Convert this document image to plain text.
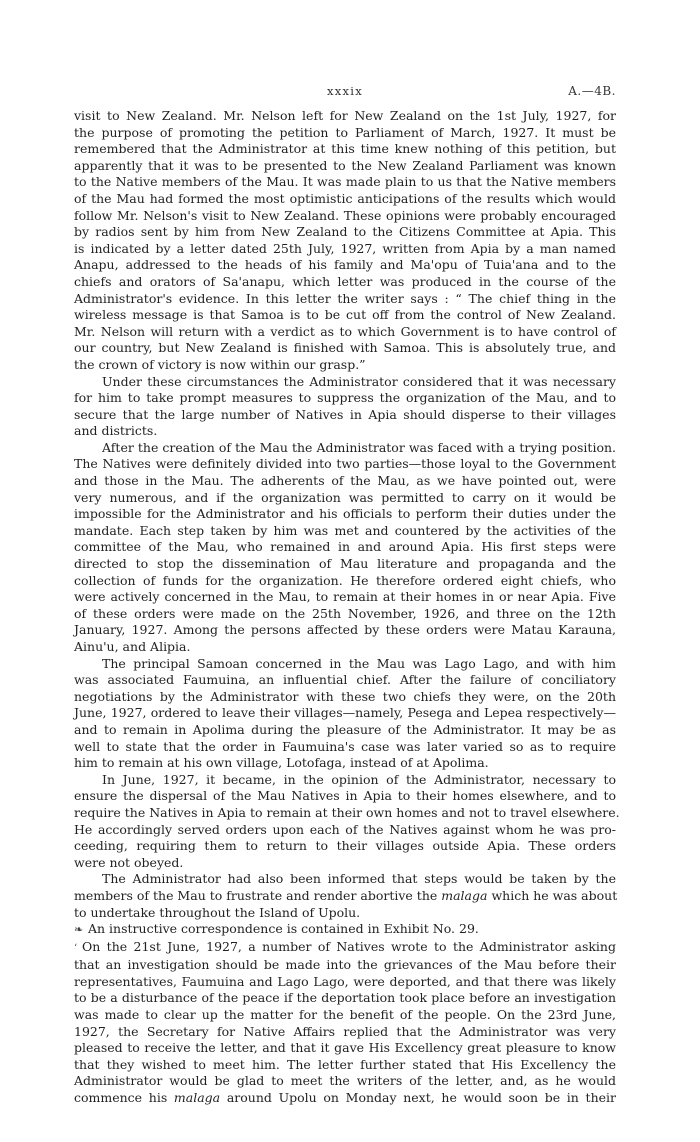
xxxix	A.—4B.
visit to New Zealand. Mr. Nelson left for New Zealand on the 1st July, 1927, for
the purpose of promoting the petition to Parliament of March, 1927. It must be
remembered that the Administrator at this time knew nothing of this petition, but
apparently that it was to be presented to the New Zealand Parliament was known
to the Native members of the Mau. It was made plain to us that the Native members
of the Mau had formed the most optimistic anticipations of the results which would
follow Mr. Nelson's visit to New Zealand. These opinions were probably encouraged
by radios sent by him from New Zealand to the Citizens Committee at Apia. This
is indicated by a letter dated 25th July, 1927, written from Apia by a man named
Anapu, addressed to the heads of his family and Ma'opu of Tuia'ana and to the
chiefs and orators of Sa'anapu, which letter was produced in the course of the
Administrator's evidence. In this letter the writer says : “ The chief thing in the
wireless message is that Samoa is to be cut off from the control of New Zealand.
Mr. Nelson will return with a verdict as to which Government is to have control of
our country, but New Zealand is finished with Samoa. This is absolutely true, and
the crown of victory is now within our grasp.”
Under these circumstances the Administrator considered that it was necessary
for him to take prompt measures to suppress the organization of the Mau, and to
secure that the large number of Natives in Apia should disperse to their villages
and districts.
After the creation of the Mau the Administrator was faced with a trying position.
The Natives were definitely divided into two parties—those loyal to the Government
and those in the Mau. The adherents of the Mau, as we have pointed out, were
very numerous, and if the organization was permitted to carry on it would be
impossible for the Administrator and his officials to perform their duties under the
mandate. Each step taken by him was met and countered by the activities of the
committee of the Mau, who remained in and around Apia. His first steps were
directed to stop the dissemination of Mau literature and propaganda and the
collection of funds for the organization. He therefore ordered eight chiefs, who
were actively concerned in the Mau, to remain at their homes in or near Apia. Five
of these orders were made on the 25th November, 1926, and three on the 12th
January, 1927. Among the persons affected by these orders were Matau Karauna,
Ainu'u, and Alipia.
The principal Samoan concerned in the Mau was Lago Lago, and with him
was associated Faumuina, an influential chief. After the failure of conciliatory
negotiations by the Administrator with these two chiefs they were, on the 20th
June, 1927, ordered to leave their villages—namely, Pesega and Lepea respectively—
and to remain in Apolima during the pleasure of the Administrator. It may be as
well to state that the order in Faumuina's case was later varied so as to require
him to remain at his own village, Lotofaga, instead of at Apolima.
In June, 1927, it became, in the opinion of the Administrator, necessary to
ensure the dispersal of the Mau Natives in Apia to their homes elsewhere, and to
require the Natives in Apia to remain at their own homes and not to travel elsewhere.
He accordingly served orders upon each of the Natives against whom he was pro-
ceeding, requiring them to return to their villages outside Apia. These orders
were not obeyed.
The Administrator had also been informed that steps would be taken by the
members of the Mau to frustrate and render abortive the malaga which he was about
to undertake throughout the Island of Upolu.
❧ An instructive correspondence is contained in Exhibit No. 29.
‘ On the 21st June, 1927, a number of Natives wrote to the Administrator asking
that an investigation should be made into the grievances of the Mau before their
representatives, Faumuina and Lago Lago, were deported, and that there was likely
to be a disturbance of the peace if the deportation took place before an investigation
was made to clear up the matter for the benefit of the people. On the 23rd June,
1927, the Secretary for Native Affairs replied that the Administrator was very
pleased to receive the letter, and that it gave His Excellency great pleasure to know
that they wished to meet him. The letter further stated that His Excellency the
Administrator would be glad to meet the writers of the letter, and, as he would
commence his malaga around Upolu on Monday next, he would soon be in their
